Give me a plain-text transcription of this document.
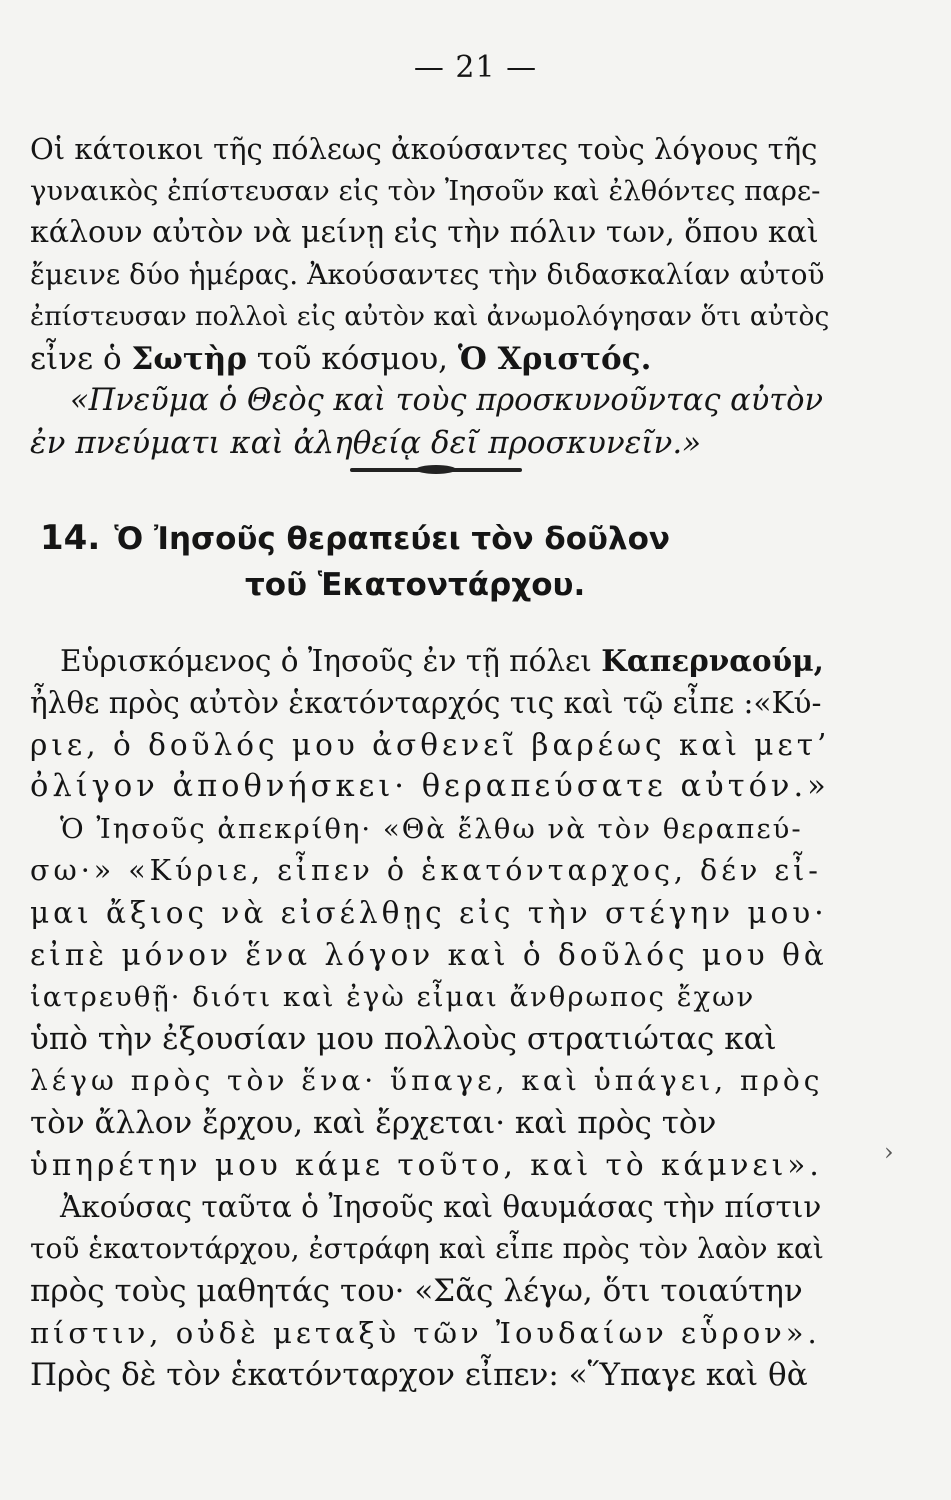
— 21 —
Οἱ κάτοικοι τῆς πόλεως ἀκούσαντες τοὺς λόγους τῆς
γυναικὸς ἐπίστευσαν εἰς τὸν Ἰησοῦν καὶ ἐλθόντες παρε-
κάλουν αὐτὸν νὰ μείνῃ εἰς τὴν πόλιν των, ὅπου καὶ
ἔμεινε δύο ἡμέρας. Ἀκούσαντες τὴν διδασκαλίαν αὐτοῦ
ἐπίστευσαν πολλοὶ εἰς αὐτὸν καὶ ἀνωμολόγησαν ὅτι αὐτὸς
εἶνε ὁ Σωτὴρ τοῦ κόσμου, Ὁ Χριστός.
«Πνεῦμα ὁ Θεὸς καὶ τοὺς προσκυνοῦντας αὐτὸν
ἐν πνεύματι καὶ ἀληθείᾳ δεῖ προσκυνεῖν.»
14. Ὁ Ἰησοῦς θεραπεύει τὸν δοῦλον
τοῦ Ἑκατοντάρχου.
Εὑρισκόμενος ὁ Ἰησοῦς ἐν τῇ πόλει Καπερναούμ,
ἦλθε πρὸς αὐτὸν ἑκατόνταρχός τις καὶ τῷ εἶπε :«Κύ-
ριε, ὁ δοῦλός μου ἀσθενεῖ βαρέως καὶ μετ’
ὀλίγον ἀποθνήσκει· θεραπεύσατε αὐτόν.»
Ὁ Ἰησοῦς ἀπεκρίθη· «Θὰ ἔλθω νὰ τὸν θεραπεύ-
σω·» «Κύριε, εἶπεν ὁ ἑκατόνταρχος, δέν εἶ-
μαι ἄξιος νὰ εἰσέλθῃς εἰς τὴν στέγην μου·
εἰπὲ μόνον ἕνα λόγον καὶ ὁ δοῦλός μου θὰ
ἰατρευθῇ· διότι καὶ ἐγὼ εἶμαι ἄνθρωπος ἔχων
ὑπὸ τὴν ἐξουσίαν μου πολλοὺς στρατιώτας καὶ
λέγω πρὸς τὸν ἕνα· ὕπαγε, καὶ ὑπάγει, πρὸς
τὸν ἄλλον ἔρχου, καὶ ἔρχεται· καὶ πρὸς τὸν
ὑπηρέτην μου κάμε τοῦτο, καὶ τὸ κάμνει».
Ἀκούσας ταῦτα ὁ Ἰησοῦς καὶ θαυμάσας τὴν πίστιν
τοῦ ἑκατοντάρχου, ἐστράφη καὶ εἶπε πρὸς τὸν λαὸν καὶ
πρὸς τοὺς μαθητάς του· «Σᾶς λέγω, ὅτι τοιαύτην
πίστιν, οὐδὲ μεταξὺ τῶν Ἰουδαίων εὗρον».
Πρὸς δὲ τὸν ἑκατόνταρχον εἶπεν: «Ὕπαγε καὶ θὰ
›
